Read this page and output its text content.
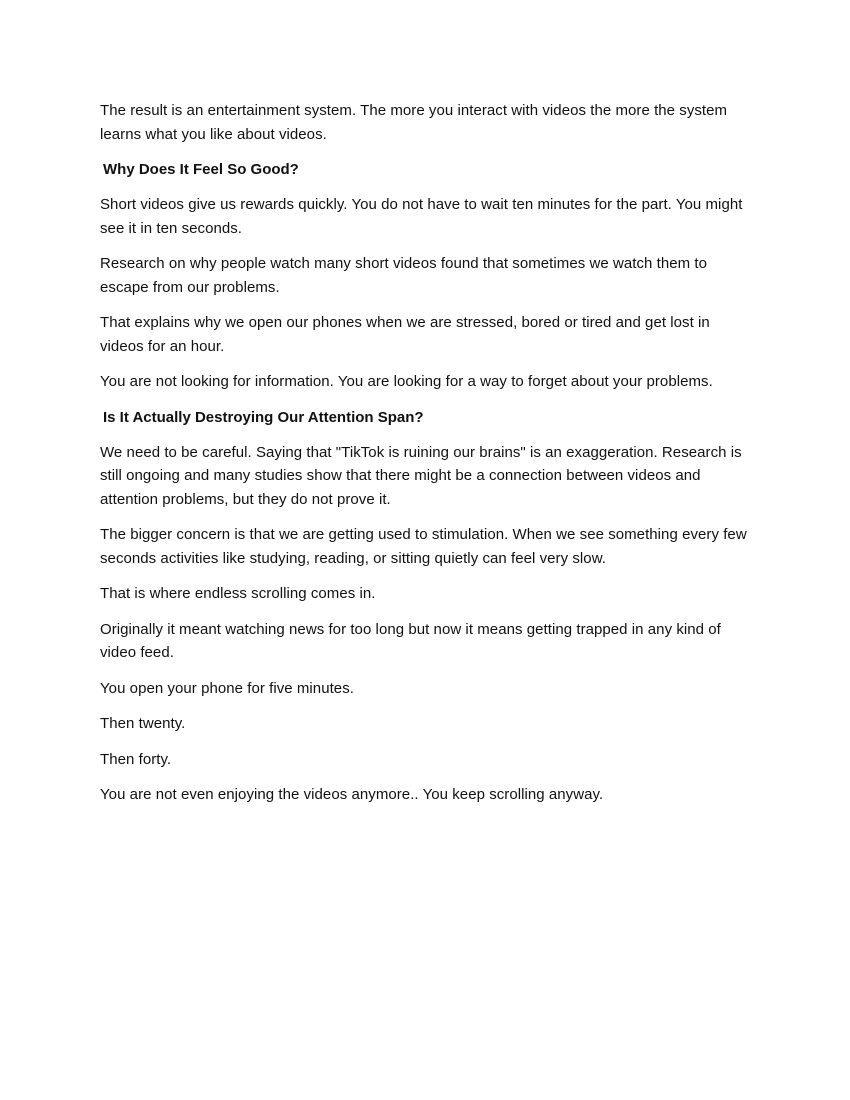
The result is an entertainment system. The more you interact with videos the more the system learns what you like about videos.

Why Does It Feel So Good?

Short videos give us rewards quickly. You do not have to wait ten minutes for the part. You might see it in ten seconds.

Research on why people watch many short videos found that sometimes we watch them to escape from our problems.

That explains why we open our phones when we are stressed, bored or tired and get lost in videos for an hour.

You are not looking for information. You are looking for a way to forget about your problems.

Is It Actually Destroying Our Attention Span?

We need to be careful. Saying that "TikTok is ruining our brains" is an exaggeration. Research is still ongoing and many studies show that there might be a connection between videos and attention problems, but they do not prove it.

The bigger concern is that we are getting used to stimulation. When we see something every few seconds activities like studying, reading, or sitting quietly can feel very slow.

That is where endless scrolling comes in.

Originally it meant watching news for too long but now it means getting trapped in any kind of video feed.

You open your phone for five minutes.

Then twenty.

Then forty.

You are not even enjoying the videos anymore.. You keep scrolling anyway.
